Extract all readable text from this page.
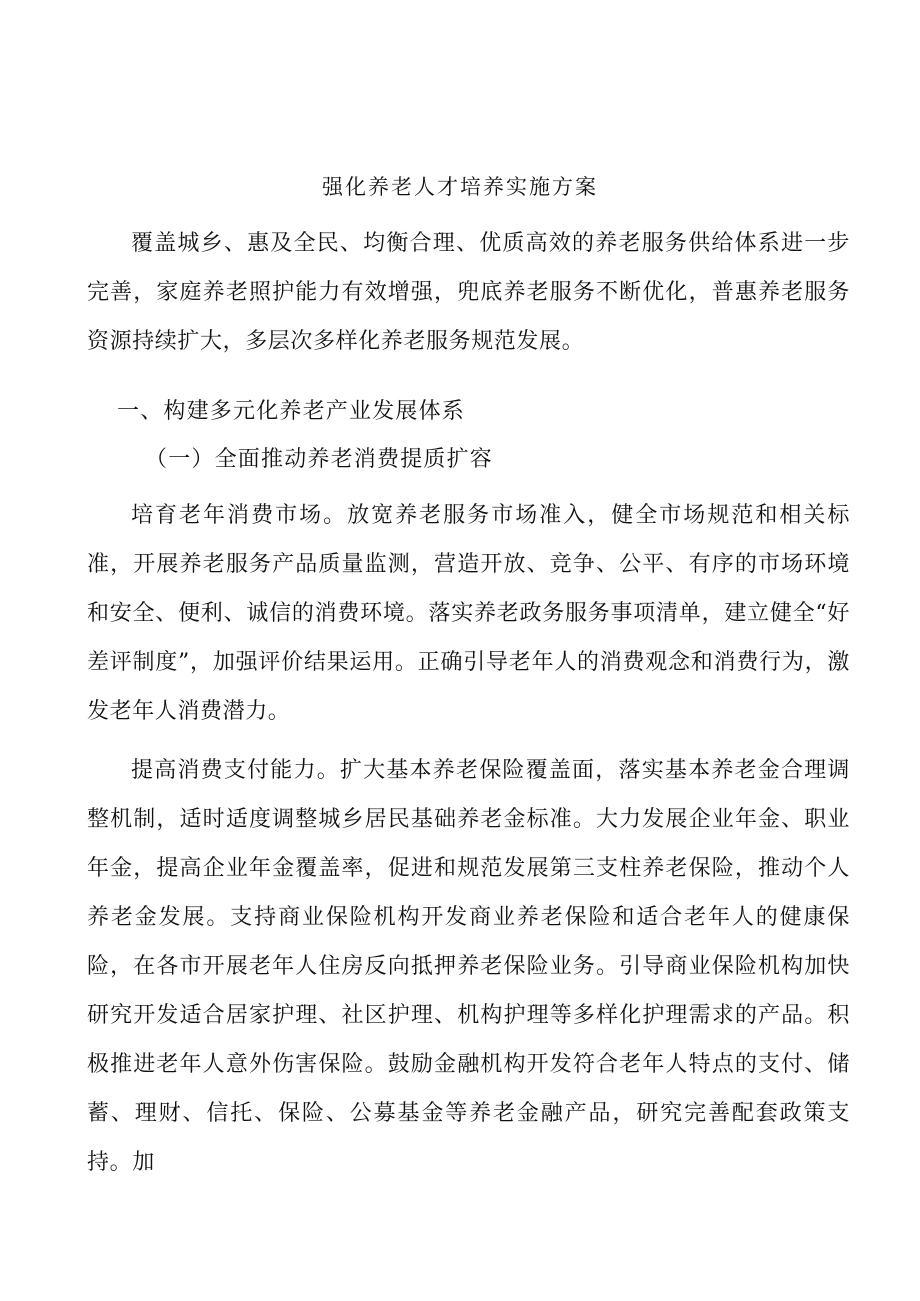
强化养老人才培养实施方案

覆盖城乡、惠及全民、均衡合理、优质高效的养老服务供给体系进一步完善，家庭养老照护能力有效增强，兜底养老服务不断优化，普惠养老服务资源持续扩大，多层次多样化养老服务规范发展。

一、构建多元化养老产业发展体系
（一）全面推动养老消费提质扩容

培育老年消费市场。放宽养老服务市场准入，健全市场规范和相关标准，开展养老服务产品质量监测，营造开放、竞争、公平、有序的市场环境和安全、便利、诚信的消费环境。落实养老政务服务事项清单，建立健全“好差评制度”，加强评价结果运用。正确引导老年人的消费观念和消费行为，激发老年人消费潜力。

提高消费支付能力。扩大基本养老保险覆盖面，落实基本养老金合理调整机制，适时适度调整城乡居民基础养老金标准。大力发展企业年金、职业年金，提高企业年金覆盖率，促进和规范发展第三支柱养老保险，推动个人养老金发展。支持商业保险机构开发商业养老保险和适合老年人的健康保险，在各市开展老年人住房反向抵押养老保险业务。引导商业保险机构加快研究开发适合居家护理、社区护理、机构护理等多样化护理需求的产品。积极推进老年人意外伤害保险。鼓励金融机构开发符合老年人特点的支付、储蓄、理财、信托、保险、公募基金等养老金融产品，研究完善配套政策支持。加
